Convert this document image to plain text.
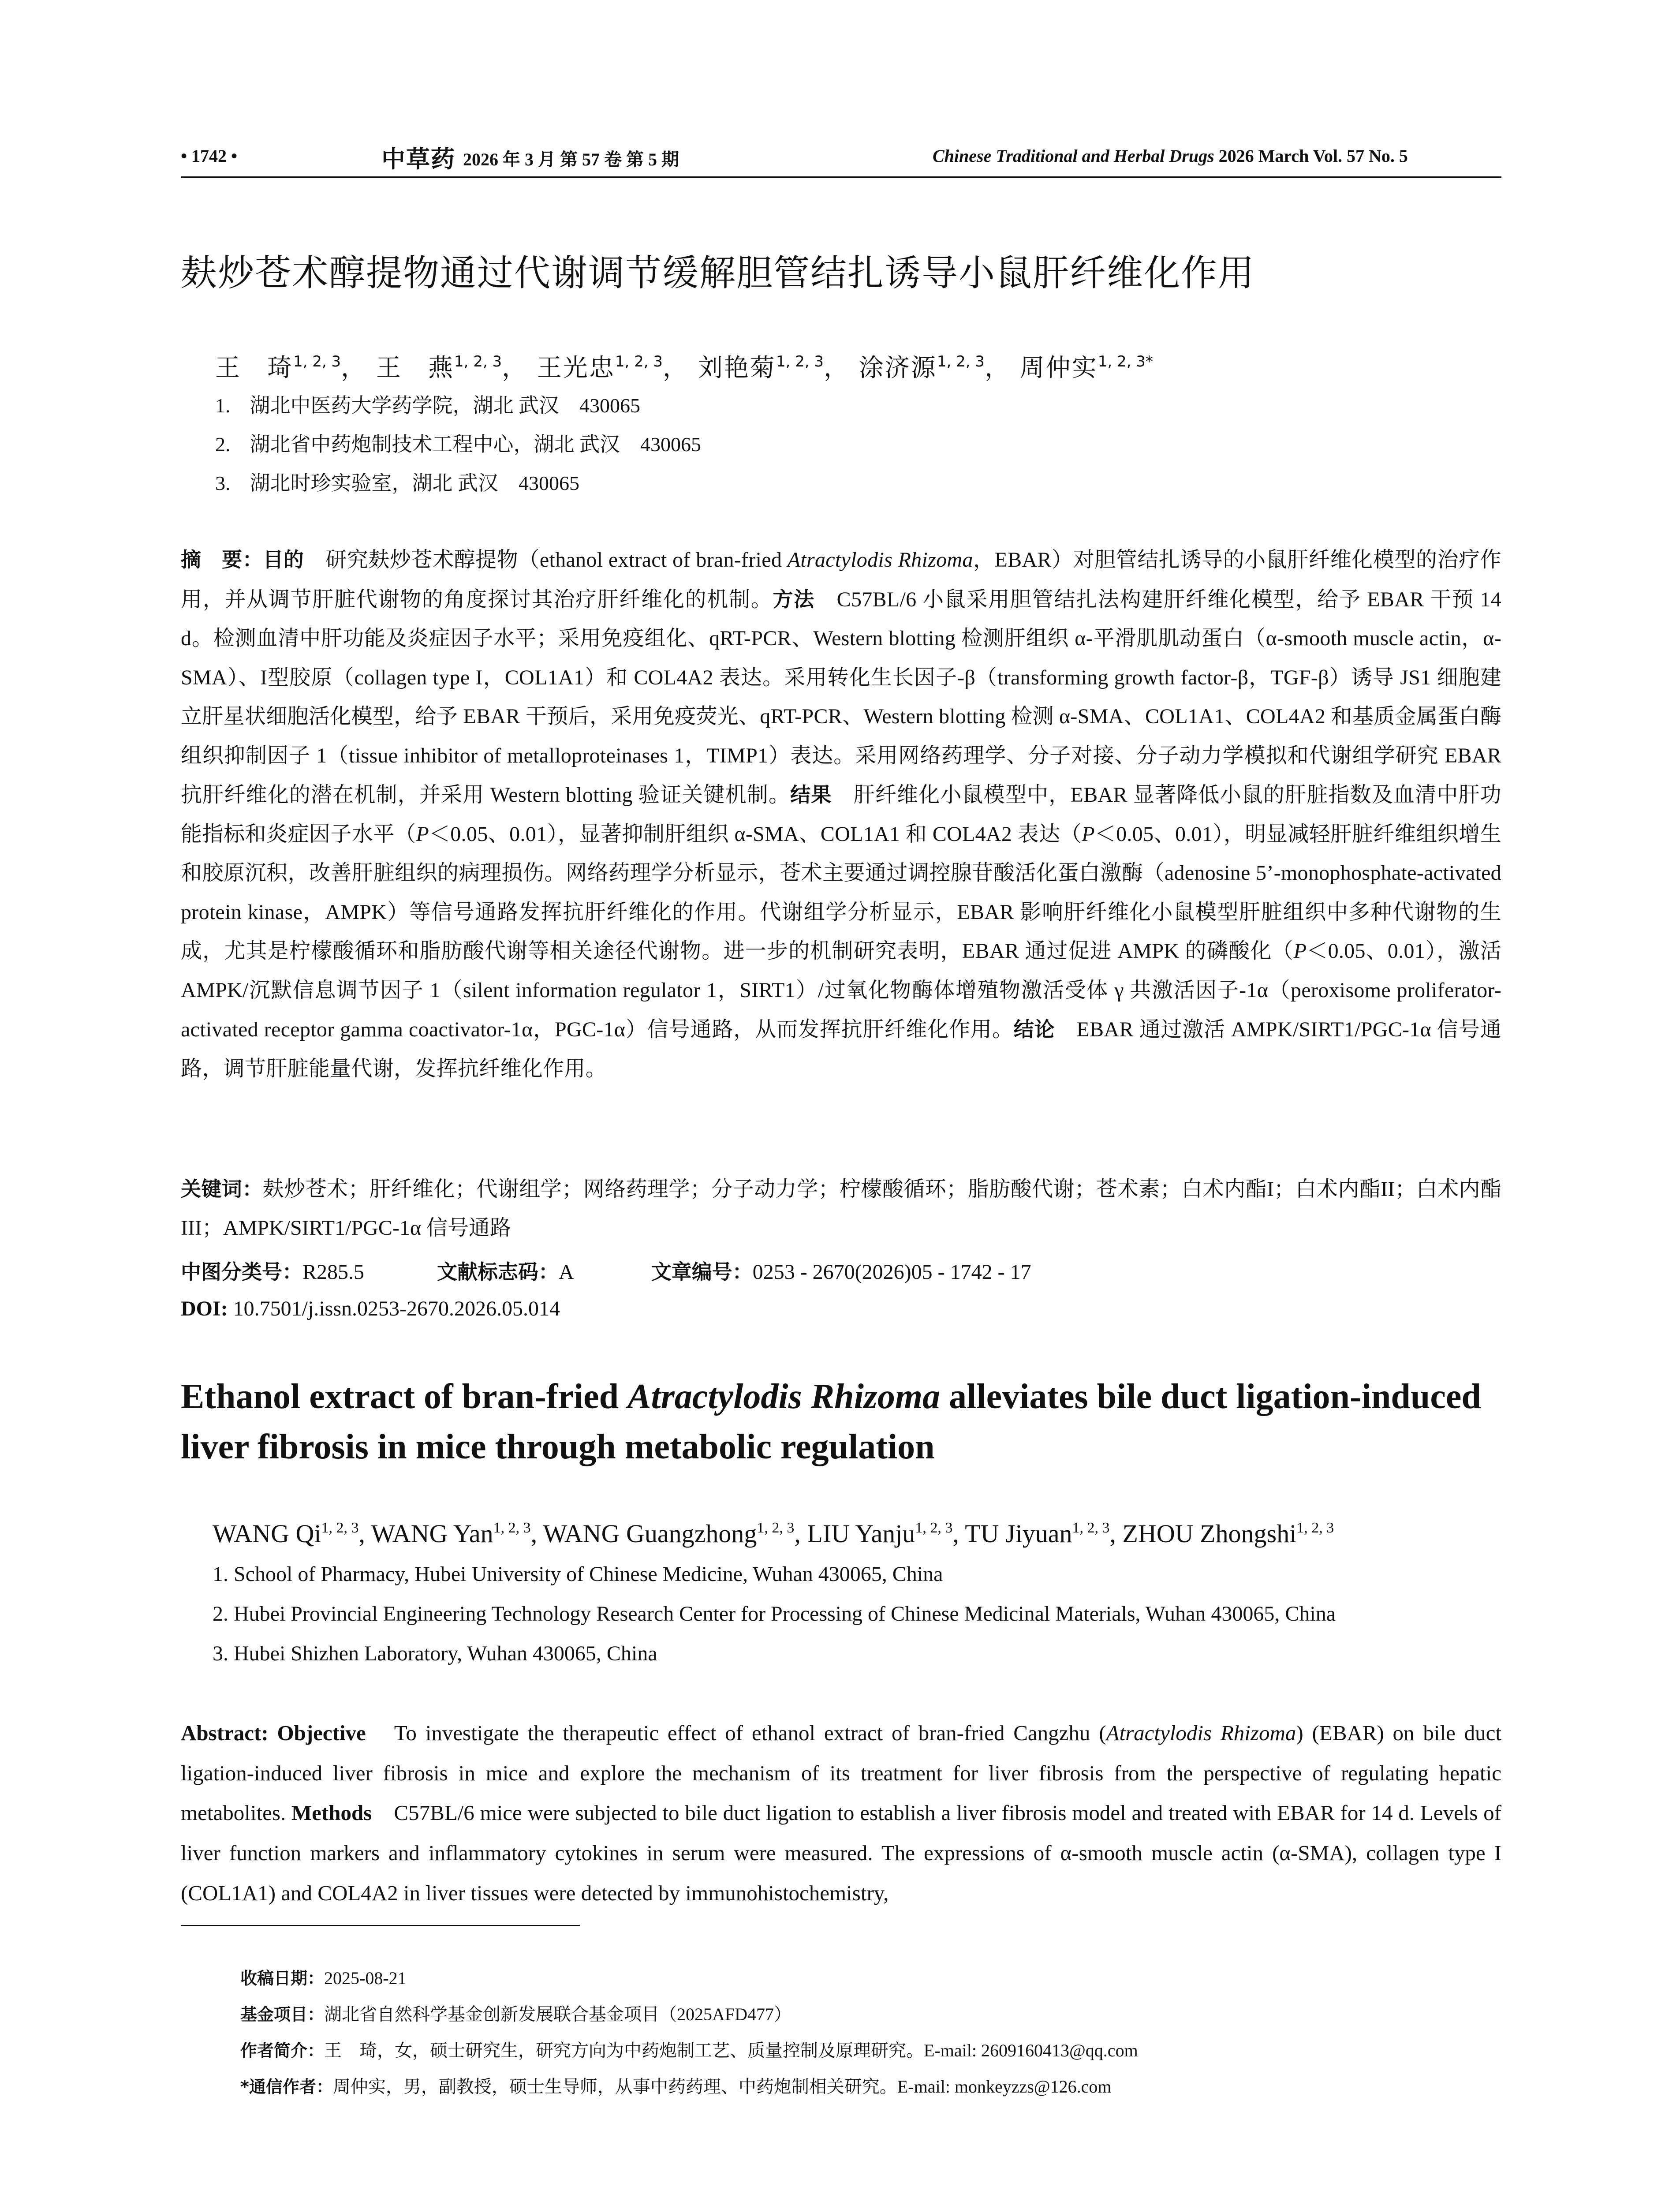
• 1742 •	中草药 2026 年 3 月 第 57 卷 第 5 期	Chinese Traditional and Herbal Drugs 2026 March Vol. 57 No. 5
麸炒苍术醇提物通过代谢调节缓解胆管结扎诱导小鼠肝纤维化作用
王　琦$^{1, 2, 3}$， 王　燕$^{1, 2, 3}$， 王光忠$^{1, 2, 3}$， 刘艳菊$^{1, 2, 3}$， 涂济源$^{1, 2, 3}$， 周仲实$^{1, 2, 3*}$
1. 湖北中医药大学药学院，湖北 武汉　430065
2. 湖北省中药炮制技术工程中心，湖北 武汉　430065
3. 湖北时珍实验室，湖北 武汉　430065
摘　要：目的　研究麸炒苍术醇提物（ethanol extract of bran-fried Atractylodis Rhizoma，EBAR）对胆管结扎诱导的小鼠肝纤维化模型的治疗作用，并从调节肝脏代谢物的角度探讨其治疗肝纤维化的机制。方法　C57BL/6 小鼠采用胆管结扎法构建肝纤维化模型，给予 EBAR 干预 14 d。检测血清中肝功能及炎症因子水平；采用免疫组化、qRT-PCR、Western blotting 检测肝组织 α-平滑肌肌动蛋白（α-smooth muscle actin，α-SMA）、I型胶原（collagen type I，COL1A1）和 COL4A2 表达。采用转化生长因子-β（transforming growth factor-β，TGF-β）诱导 JS1 细胞建立肝星状细胞活化模型，给予 EBAR 干预后，采用免疫荧光、qRT-PCR、Western blotting 检测 α-SMA、COL1A1、COL4A2 和基质金属蛋白酶组织抑制因子 1（tissue inhibitor of metalloproteinases 1，TIMP1）表达。采用网络药理学、分子对接、分子动力学模拟和代谢组学研究 EBAR 抗肝纤维化的潜在机制，并采用 Western blotting 验证关键机制。结果　肝纤维化小鼠模型中，EBAR 显著降低小鼠的肝脏指数及血清中肝功能指标和炎症因子水平（P＜0.05、0.01），显著抑制肝组织 α-SMA、COL1A1 和 COL4A2 表达（P＜0.05、0.01），明显减轻肝脏纤维组织增生和胶原沉积，改善肝脏组织的病理损伤。网络药理学分析显示，苍术主要通过调控腺苷酸活化蛋白激酶（adenosine 5’-monophosphate-activated protein kinase，AMPK）等信号通路发挥抗肝纤维化的作用。代谢组学分析显示，EBAR 影响肝纤维化小鼠模型肝脏组织中多种代谢物的生成，尤其是柠檬酸循环和脂肪酸代谢等相关途径代谢物。进一步的机制研究表明，EBAR 通过促进 AMPK 的磷酸化（P＜0.05、0.01），激活 AMPK/沉默信息调节因子 1（silent information regulator 1，SIRT1）/过氧化物酶体增殖物激活受体 γ 共激活因子-1α（peroxisome proliferator-activated receptor gamma coactivator-1α，PGC-1α）信号通路，从而发挥抗肝纤维化作用。结论　EBAR 通过激活 AMPK/SIRT1/PGC-1α 信号通路，调节肝脏能量代谢，发挥抗纤维化作用。
关键词：麸炒苍术；肝纤维化；代谢组学；网络药理学；分子动力学；柠檬酸循环；脂肪酸代谢；苍术素；白术内酯I；白术内酯II；白术内酯III；AMPK/SIRT1/PGC-1α 信号通路
中图分类号：R285.5	文献标志码：A	文章编号：0253 - 2670(2026)05 - 1742 - 17
DOI: 10.7501/j.issn.0253-2670.2026.05.014
Ethanol extract of bran-fried Atractylodis Rhizoma alleviates bile duct ligation-induced liver fibrosis in mice through metabolic regulation
WANG Qi$^{1, 2, 3}$, WANG Yan$^{1, 2, 3}$, WANG Guangzhong$^{1, 2, 3}$, LIU Yanju$^{1, 2, 3}$, TU Jiyuan$^{1, 2, 3}$, ZHOU Zhongshi$^{1, 2, 3}$
1. School of Pharmacy, Hubei University of Chinese Medicine, Wuhan 430065, China
2. Hubei Provincial Engineering Technology Research Center for Processing of Chinese Medicinal Materials, Wuhan 430065, China
3. Hubei Shizhen Laboratory, Wuhan 430065, China
Abstract: Objective　To investigate the therapeutic effect of ethanol extract of bran-fried Cangzhu (Atractylodis Rhizoma) (EBAR) on bile duct ligation-induced liver fibrosis in mice and explore the mechanism of its treatment for liver fibrosis from the perspective of regulating hepatic metabolites. Methods　C57BL/6 mice were subjected to bile duct ligation to establish a liver fibrosis model and treated with EBAR for 14 d. Levels of liver function markers and inflammatory cytokines in serum were measured. The expressions of α-smooth muscle actin (α-SMA), collagen type I (COL1A1) and COL4A2 in liver tissues were detected by immunohistochemistry,
收稿日期：2025-08-21
基金项目：湖北省自然科学基金创新发展联合基金项目（2025AFD477）
作者简介：王　琦，女，硕士研究生，研究方向为中药炮制工艺、质量控制及原理研究。E-mail: 2609160413@qq.com
*通信作者：周仲实，男，副教授，硕士生导师，从事中药药理、中药炮制相关研究。E-mail: monkeyzzs@126.com
